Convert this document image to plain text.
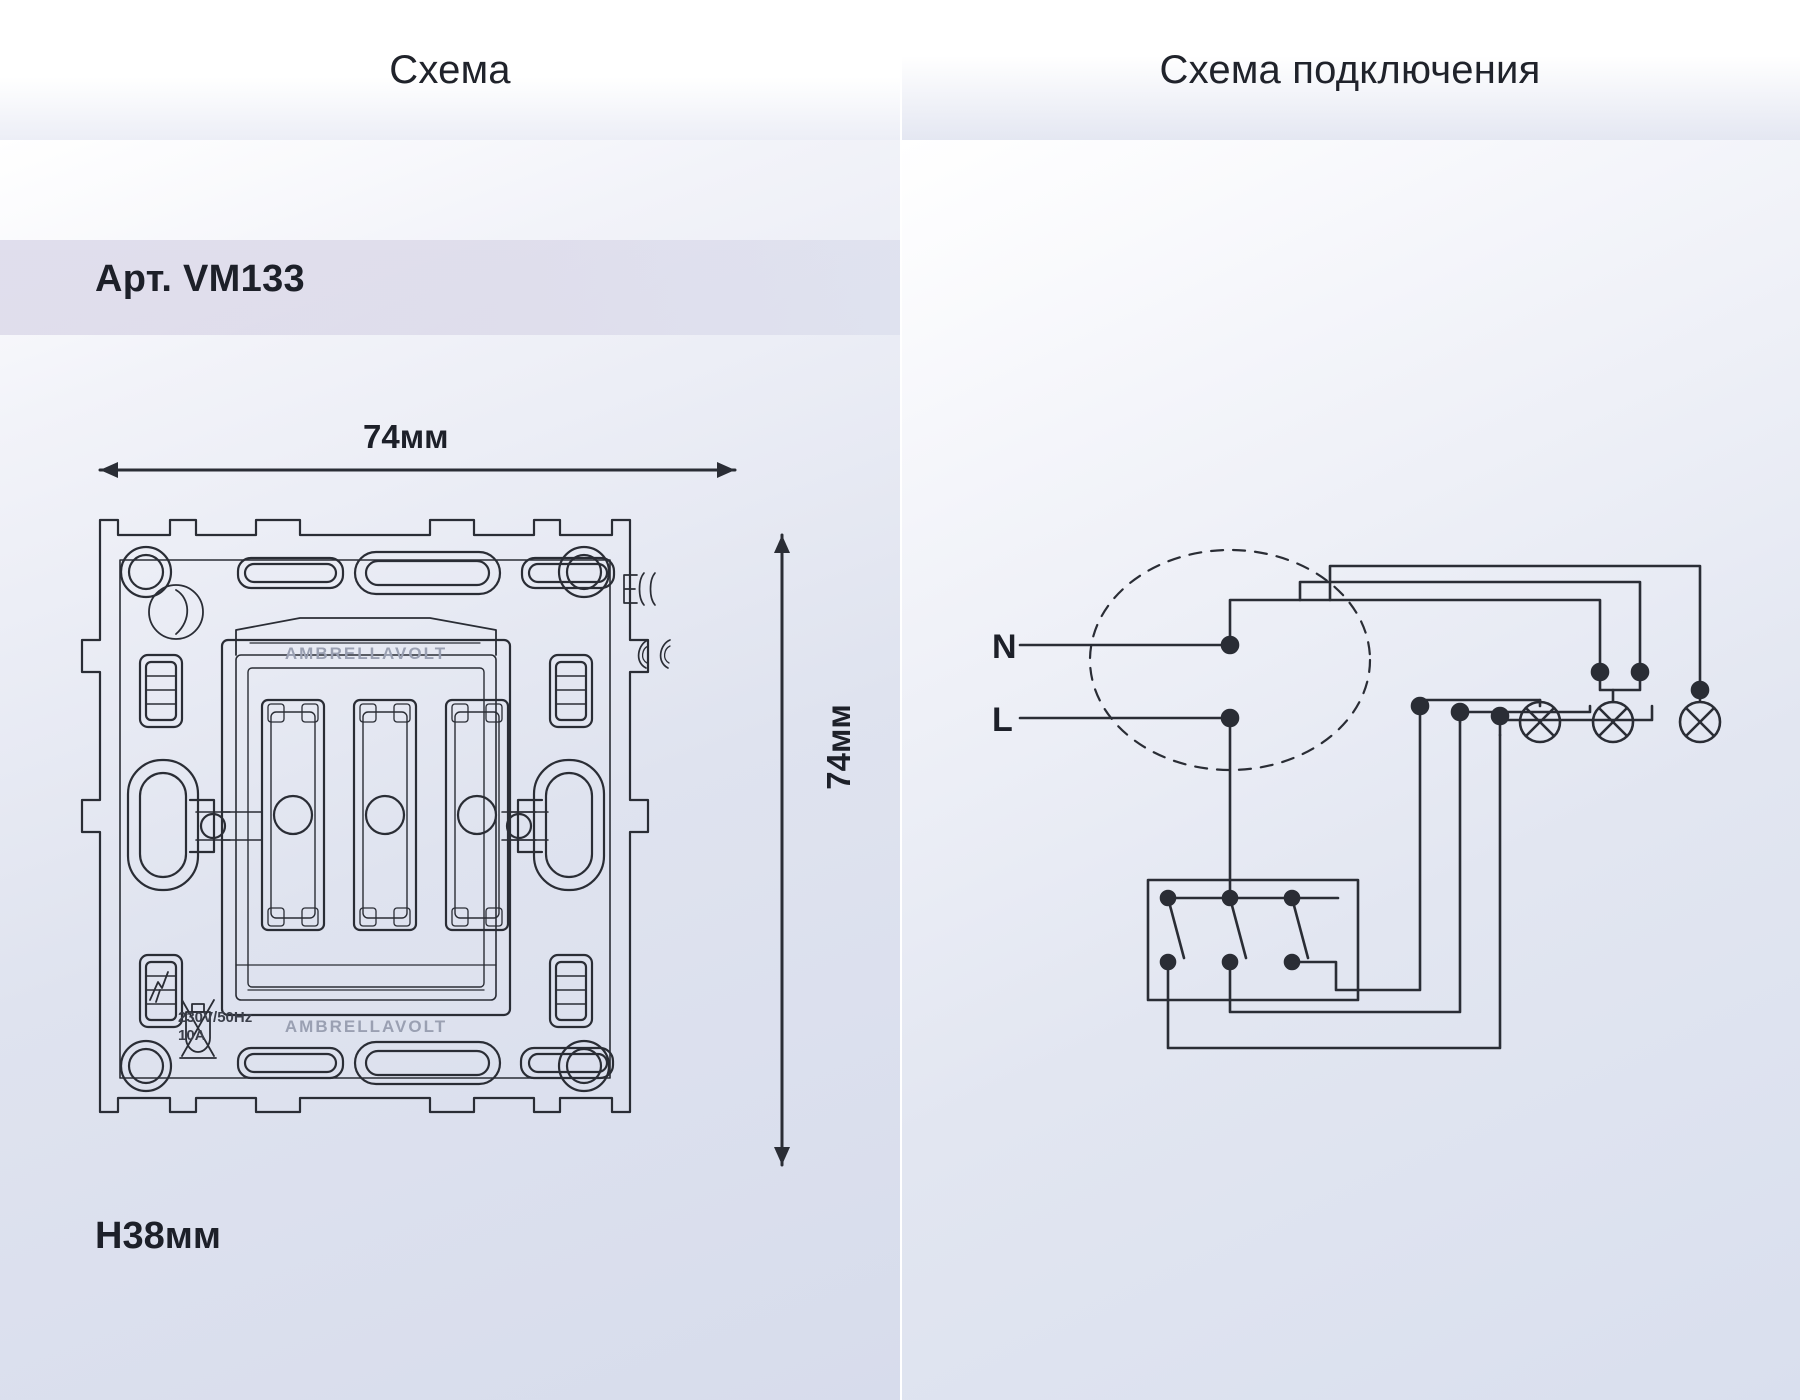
Схема	Схема подключения
Арт. VM133
H38мм
74мм
74мм
AMBRELLAVOLT
AMBRELLAVOLT
230V/50Hz
10A
N
L
